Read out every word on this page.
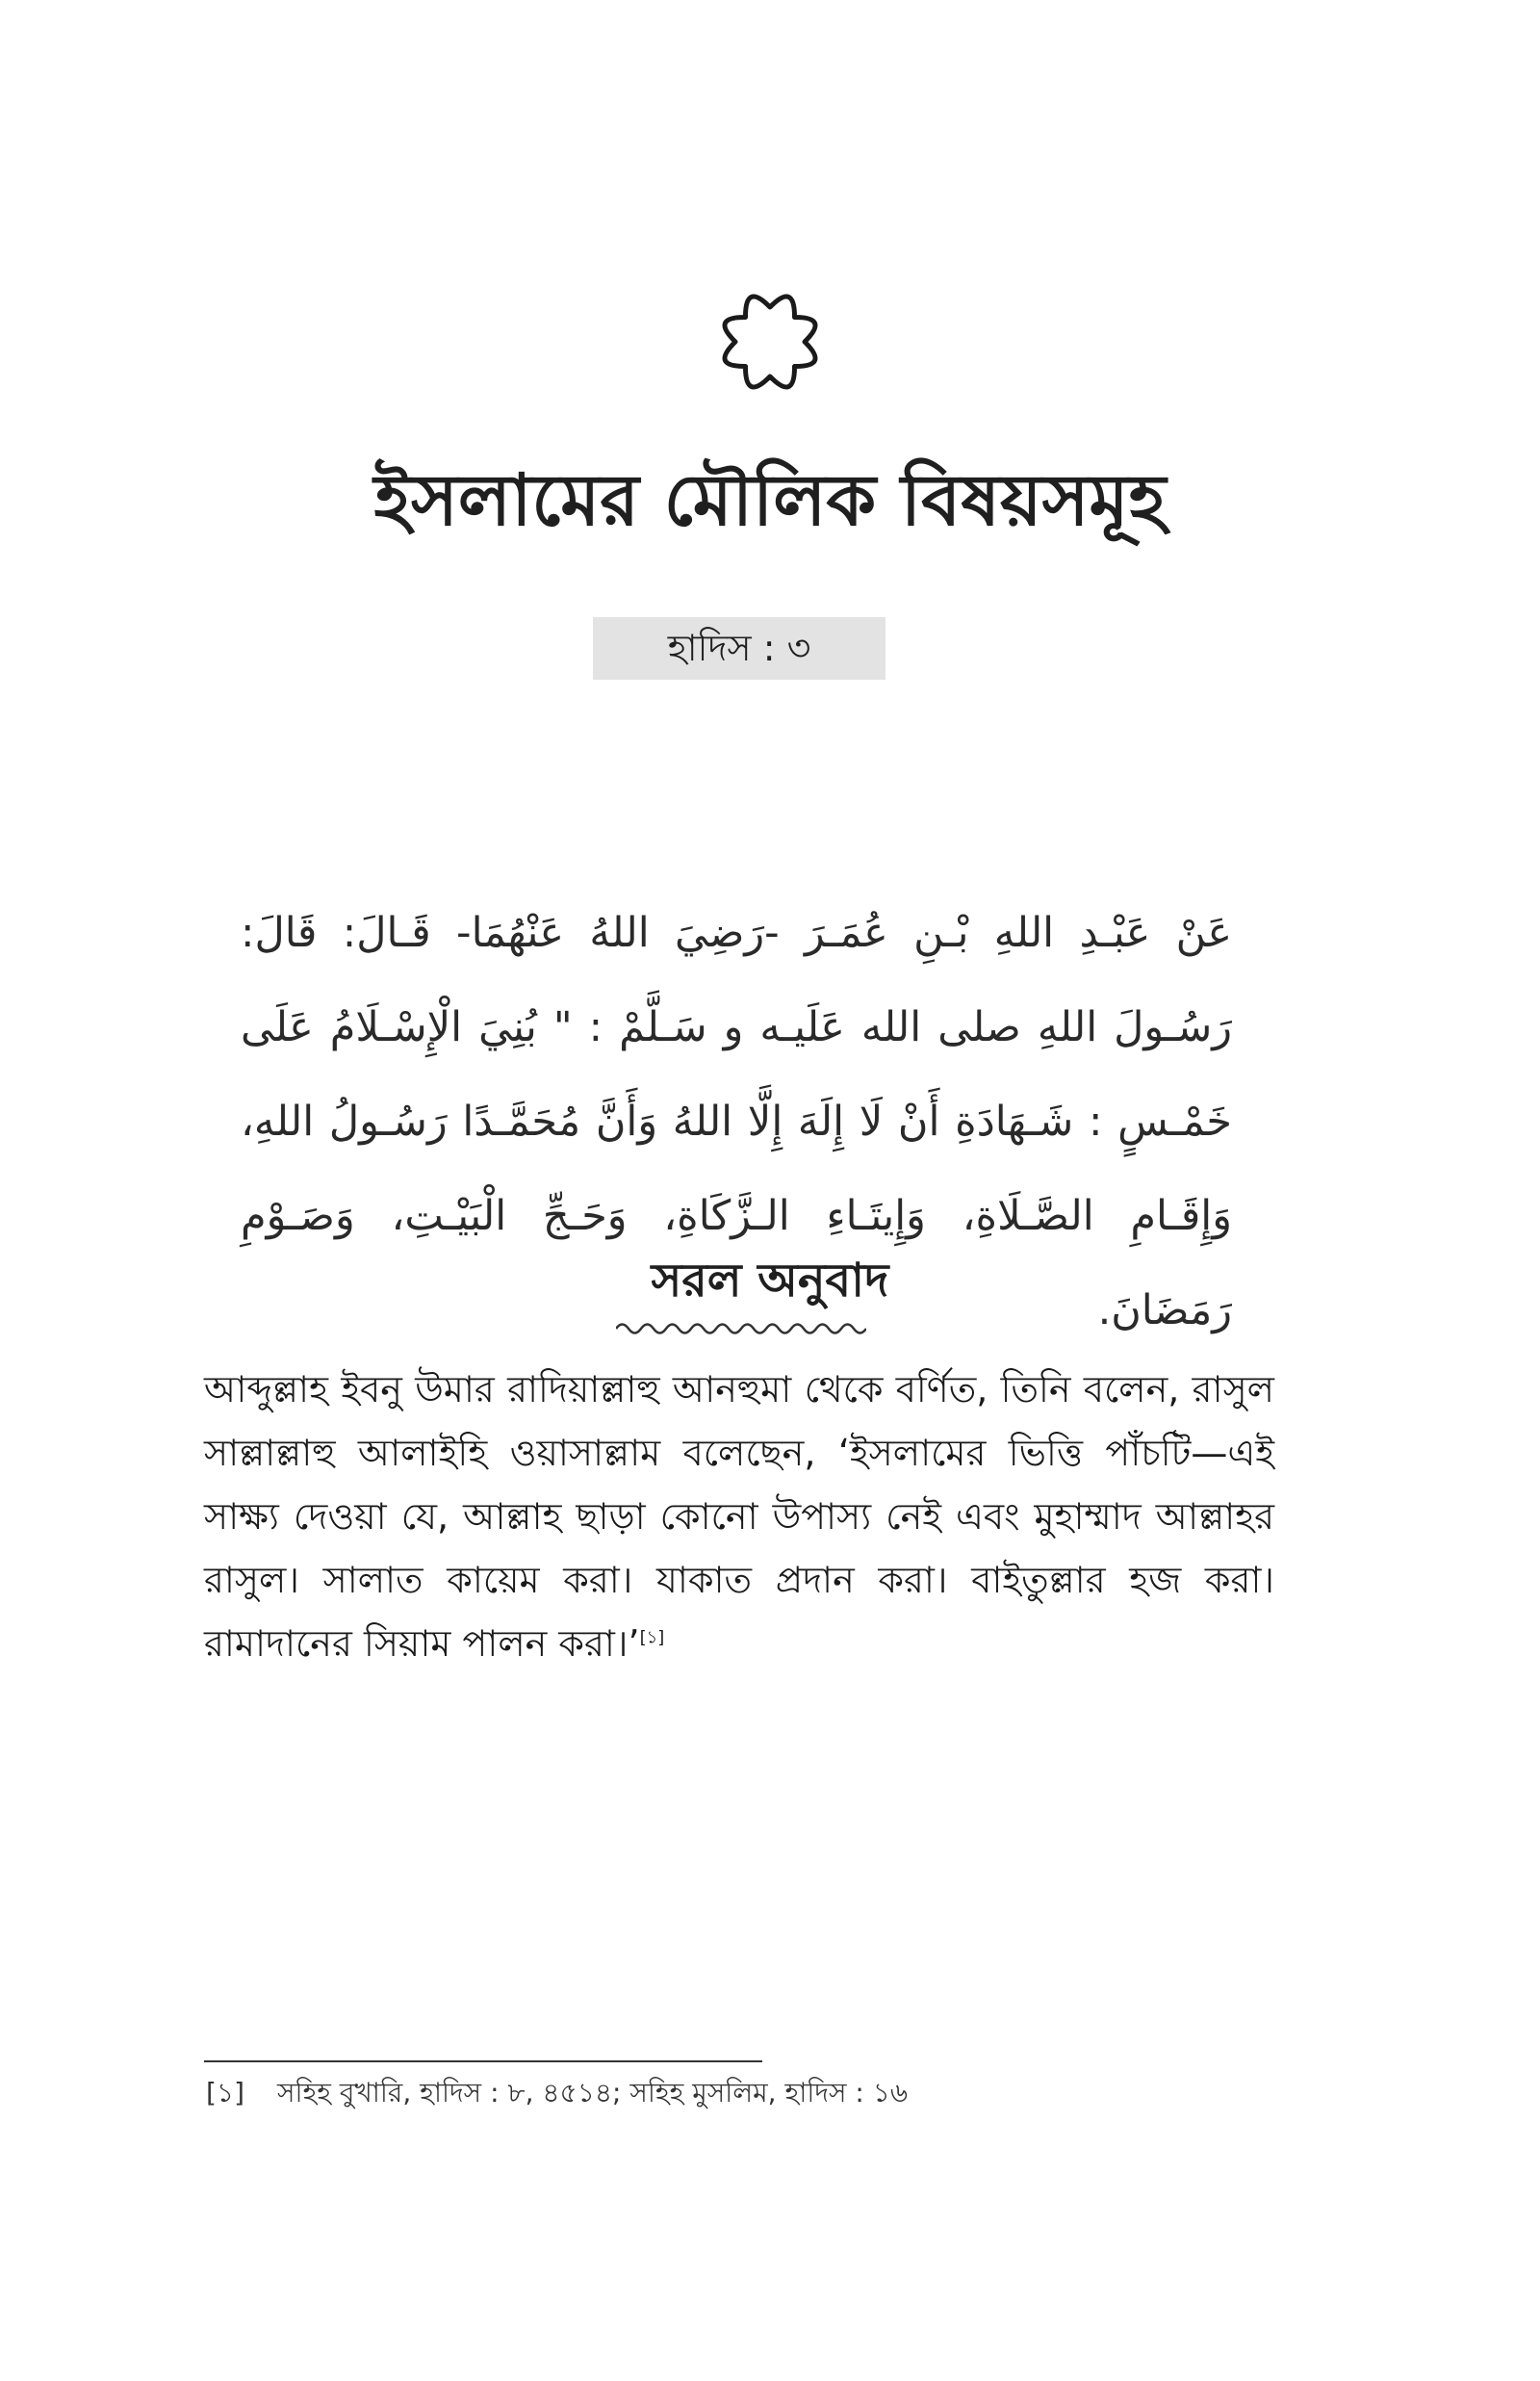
ইসলামের মৌলিক বিষয়সমূহ
হাদিস : ৩
عَنْ عَبْـدِ اللهِ بْـنِ عُمَـرَ -رَضِيَ اللهُ عَنْهُمَا- قَـالَ: قَالَ: رَسُـولَ اللهِ صلى الله عَلَيـه و سَـلَّمْ : " بُنِيَ الْإِسْـلَامُ عَلَى خَمْـسٍ : شَـهَادَةِ أَنْ لَا إِلَهَ إِلَّا اللهُ وَأَنَّ مُحَمَّـدًا رَسُـولُ اللهِ، وَإِقَـامِ الصَّـلَاةِ، وَإِيتَـاءِ الـزَّكَاةِ، وَحَـجِّ الْبَيْـتِ، وَصَـوْمِ رَمَضَانَ.
সরল অনুবাদ
আব্দুল্লাহ ইবনু উমার রাদিয়াল্লাহু আনহুমা থেকে বর্ণিত, তিনি বলেন, রাসুল সাল্লাল্লাহু আলাইহি ওয়াসাল্লাম বলেছেন, ‘ইসলামের ভিত্তি পাঁচটি—এই সাক্ষ্য দেওয়া যে, আল্লাহ ছাড়া কোনো উপাস্য নেই এবং মুহাম্মাদ আল্লাহর রাসুল। সালাত কায়েম করা। যাকাত প্রদান করা। বাইতুল্লার হজ করা। রামাদানের সিয়াম পালন করা।’[১]
[১] সহিহ বুখারি, হাদিস : ৮, ৪৫১৪; সহিহ মুসলিম, হাদিস : ১৬
